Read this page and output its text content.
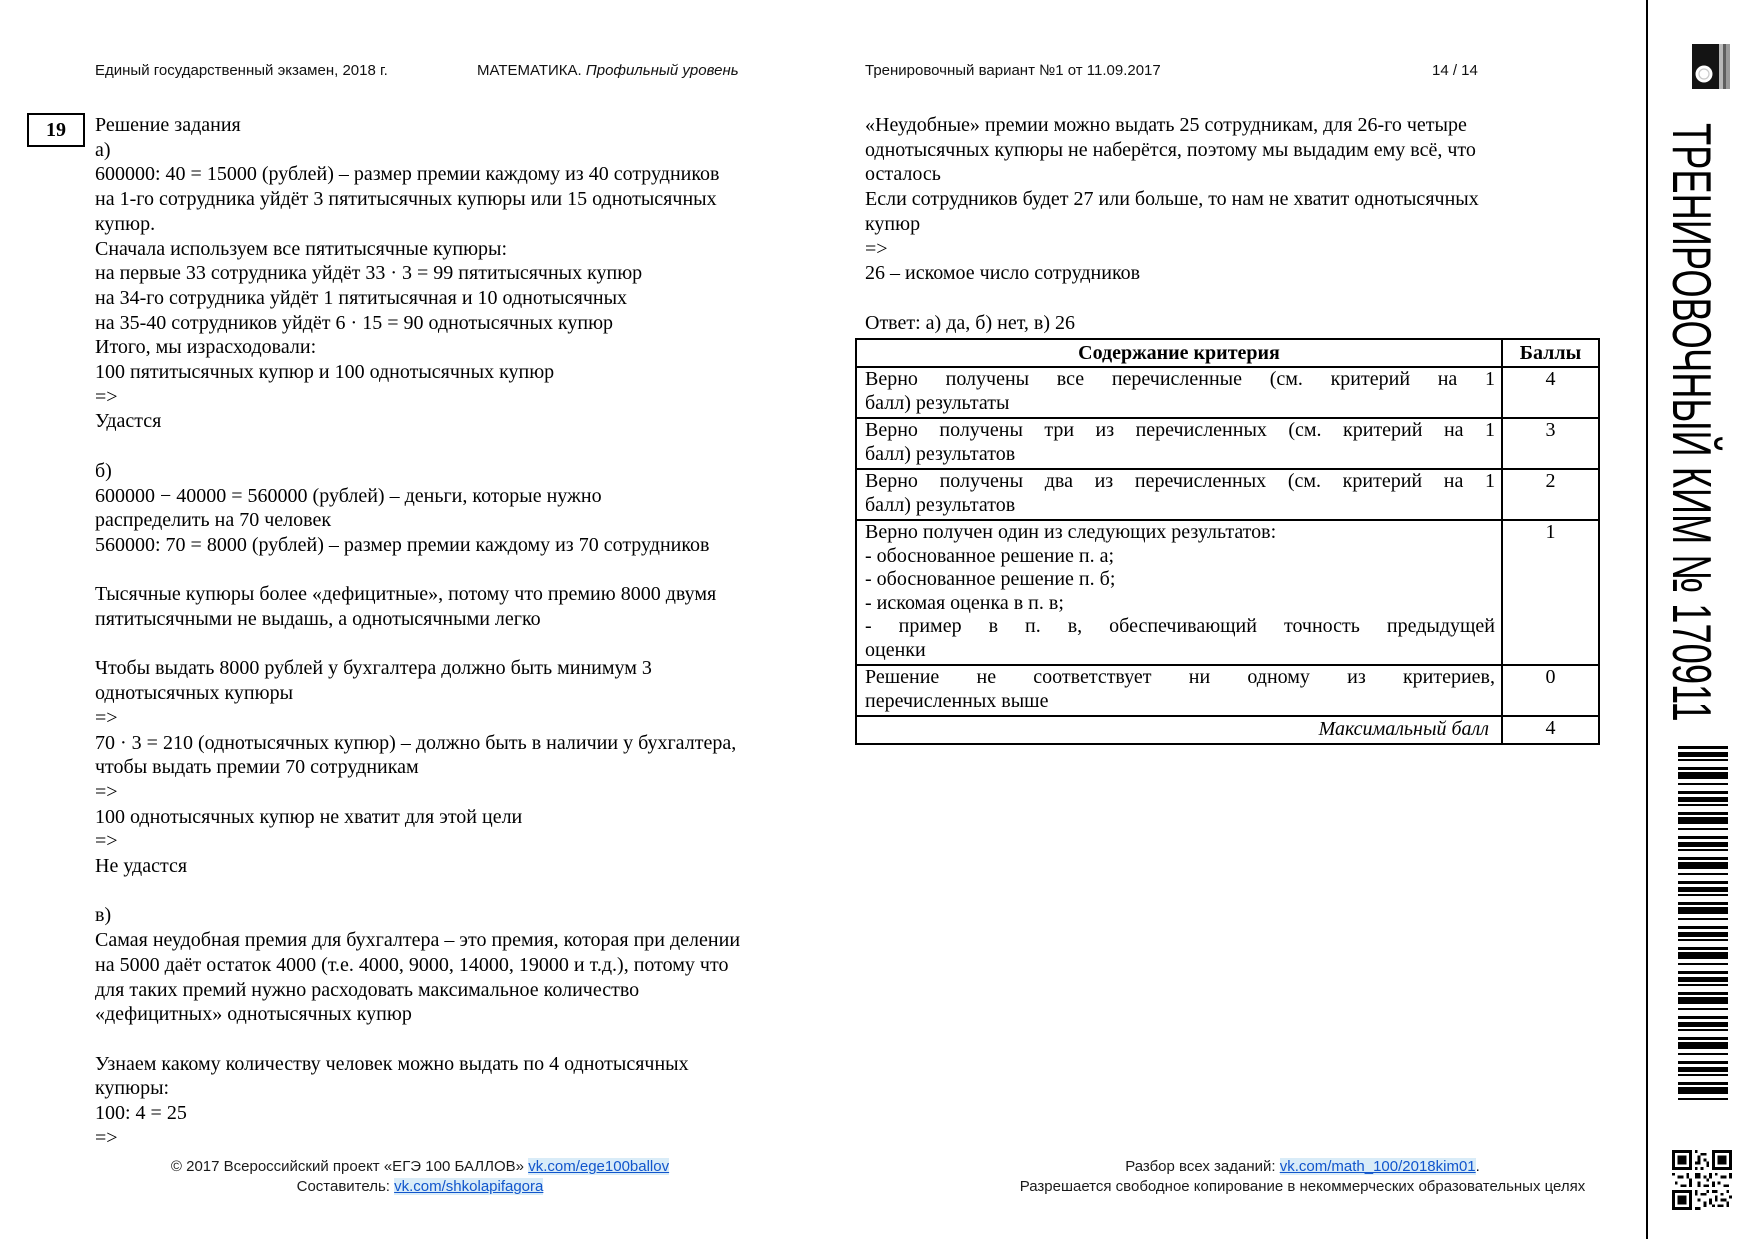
Единый государственный экзамен, 2018 г.	МАТЕМАТИКА. Профильный уровень	Тренировочный вариант №1 от 11.09.2017	14 / 14
19 Решение задания
а)
600000: 40 = 15000 (рублей) – размер премии каждому из 40 сотрудников
на 1-го сотрудника уйдёт 3 пятитысячных купюры или 15 однотысячных
купюр.
Сначала используем все пятитысячные купюры:
на первые 33 сотрудника уйдёт 33 · 3 = 99 пятитысячных купюр
на 34-го сотрудника уйдёт 1 пятитысячная и 10 однотысячных
на 35-40 сотрудников уйдёт 6 · 15 = 90 однотысячных купюр
Итого, мы израсходовали:
100 пятитысячных купюр и 100 однотысячных купюр
=>
Удастся
б)
600000 − 40000 = 560000 (рублей) – деньги, которые нужно
распределить на 70 человек
560000: 70 = 8000 (рублей) – размер премии каждому из 70 сотрудников
Тысячные купюры более «дефицитные», потому что премию 8000 двумя
пятитысячными не выдашь, а однотысячными легко
Чтобы выдать 8000 рублей у бухгалтера должно быть минимум 3
однотысячных купюры
=>
70 · 3 = 210 (однотысячных купюр) – должно быть в наличии у бухгалтера,
чтобы выдать премии 70 сотрудникам
=>
100 однотысячных купюр не хватит для этой цели
=>
Не удастся
в)
Самая неудобная премия для бухгалтера – это премия, которая при делении
на 5000 даёт остаток 4000 (т.е. 4000, 9000, 14000, 19000 и т.д.), потому что
для таких премий нужно расходовать максимальное количество
«дефицитных» однотысячных купюр
Узнаем какому количеству человек можно выдать по 4 однотысячных
купюры:
100: 4 = 25
=>
«Неудобные» премии можно выдать 25 сотрудникам, для 26-го четыре
однотысячных купюры не наберётся, поэтому мы выдадим ему всё, что
осталось
Если сотрудников будет 27 или больше, то нам не хватит однотысячных
купюр
=>
26 – искомое число сотрудников
Ответ: а) да, б) нет, в) 26
Содержание критерия	Баллы

Верно получены все перечисленные (см. критерий на 1
балл) результаты	4

Верно получены три из перечисленных (см. критерий на 1
балл) результатов	3

Верно получены два из перечисленных (см. критерий на 1
балл) результатов	2

Верно получен один из следующих результатов:
- обоснованное решение п. а;
- обоснованное решение п. б;
- искомая оценка в п. в;
- пример в п. в, обеспечивающий точность предыдущей
оценки
	1

Решение не соответствует ни одному из критериев,
перечисленных выше	0
Максимальный балл	4
ТРЕНИРОВОЧНЫЙ КИМ № 170911
© 2017 Всероссийский проект «ЕГЭ 100 БАЛЛОВ» vk.com/ege100ballov
Составитель: vk.com/shkolapifagora
Разбор всех заданий: vk.com/math_100/2018kim01.
Разрешается свободное копирование в некоммерческих образовательных целях
